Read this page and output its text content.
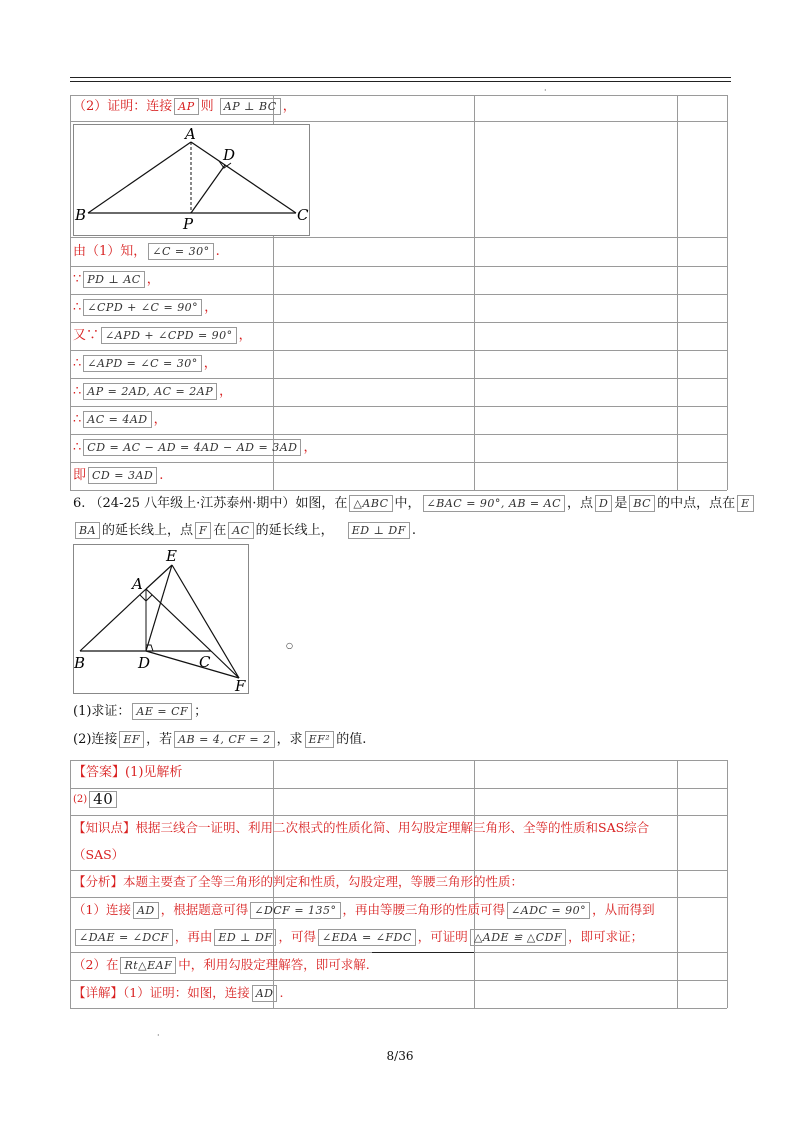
·
（2）证明：连接 AP 则 AP ⊥ BC ，
A
B	C
D
P
由（1）知， ∠C = 30° .
∵ PD ⊥ AC ，
∴ ∠CPD + ∠C = 90° ，
又∵ ∠APD + ∠CPD = 90° ，
∴ ∠APD = ∠C = 30° ，
∴ AP = 2AD, AC = 2AP ，
∴ AC = 4AD ，
∴ CD = AC − AD = 4AD − AD = 3AD ，
即 CD = 3AD .
6. （24-25 八年级上·江苏泰州·期中）如图，在 △ABC 中， ∠BAC = 90°, AB = AC ，点 D 是 BC 的中点，点在 E
BA 的延长线上，点 F 在 AC 的延长线上， ED ⊥ DF .
E
A
B	D	C
F
○
(1)求证： AE = CF ；
(2)连接 EF ，若 AB = 4, CF = 2 ，求 EF² 的值.
【答案】(1)见解析
$^{(2)}$ 40
【知识点】根据三线合一证明、利用二次根式的性质化简、用勾股定理解三角形、全等的性质和SAS综合
（SAS）
【分析】本题主要查了全等三角形的判定和性质，勾股定理，等腰三角形的性质：
（1）连接 AD ，根据题意可得 ∠DCF = 135° ，再由等腰三角形的性质可得 ∠ADC = 90° ，从而得到
∠DAE = ∠DCF ，再由 ED ⊥ DF ，可得 ∠EDA = ∠FDC ，可证明 △ADE ≌ △CDF ，即可求证；
（2）在 Rt△EAF 中，利用勾股定理解答，即可求解.
【详解】（1）证明：如图，连接 AD .
·
8/36
